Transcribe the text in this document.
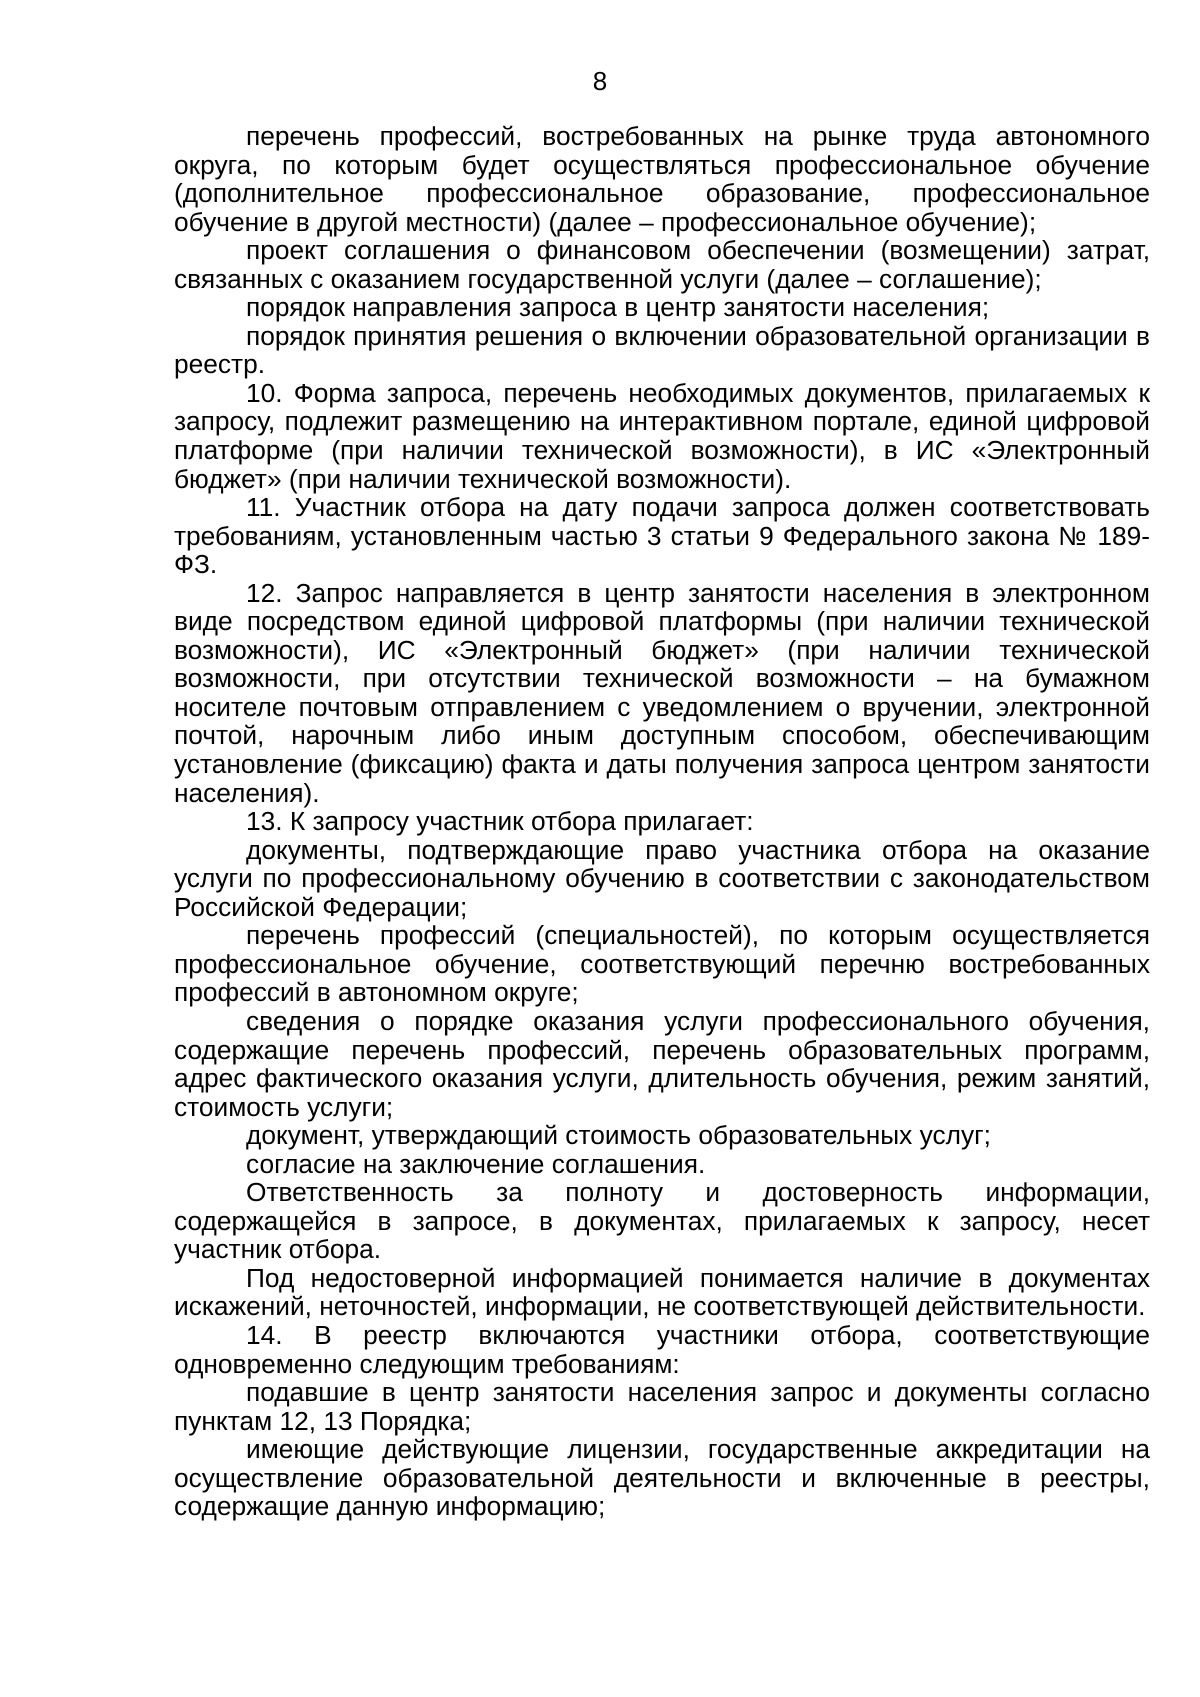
8

перечень профессий, востребованных на рынке труда автономного округа, по которым будет осуществляться профессиональное обучение (дополнительное профессиональное образование, профессиональное обучение в другой местности) (далее – профессиональное обучение);

проект соглашения о финансовом обеспечении (возмещении) затрат, связанных с оказанием государственной услуги (далее – соглашение);

порядок направления запроса в центр занятости населения;

порядок принятия решения о включении образовательной организации в реестр.

10. Форма запроса, перечень необходимых документов, прилагаемых к запросу, подлежит размещению на интерактивном портале, единой цифровой платформе (при наличии технической возможности), в ИС «Электронный бюджет» (при наличии технической возможности).

11. Участник отбора на дату подачи запроса должен соответствовать требованиям, установленным частью 3 статьи 9 Федерального закона № 189-ФЗ.

12. Запрос направляется в центр занятости населения в электронном виде посредством единой цифровой платформы (при наличии технической возможности), ИС «Электронный бюджет» (при наличии технической возможности, при отсутствии технической возможности – на бумажном носителе почтовым отправлением с уведомлением о вручении, электронной почтой, нарочным либо иным доступным способом, обеспечивающим установление (фиксацию) факта и даты получения запроса центром занятости населения).

13. К запросу участник отбора прилагает:

документы, подтверждающие право участника отбора на оказание услуги по профессиональному обучению в соответствии с законодательством Российской Федерации;

перечень профессий (специальностей), по которым осуществляется профессиональное обучение, соответствующий перечню востребованных профессий в автономном округе;

сведения о порядке оказания услуги профессионального обучения, содержащие перечень профессий, перечень образовательных программ, адрес фактического оказания услуги, длительность обучения, режим занятий, стоимость услуги;

документ, утверждающий стоимость образовательных услуг;

согласие на заключение соглашения.

Ответственность за полноту и достоверность информации, содержащейся в запросе, в документах, прилагаемых к запросу, несет участник отбора.

Под недостоверной информацией понимается наличие в документах искажений, неточностей, информации, не соответствующей действительности.

14. В реестр включаются участники отбора, соответствующие одновременно следующим требованиям:

подавшие в центр занятости населения запрос и документы согласно пунктам 12, 13 Порядка;

имеющие действующие лицензии, государственные аккредитации на осуществление образовательной деятельности и включенные в реестры, содержащие данную информацию;
